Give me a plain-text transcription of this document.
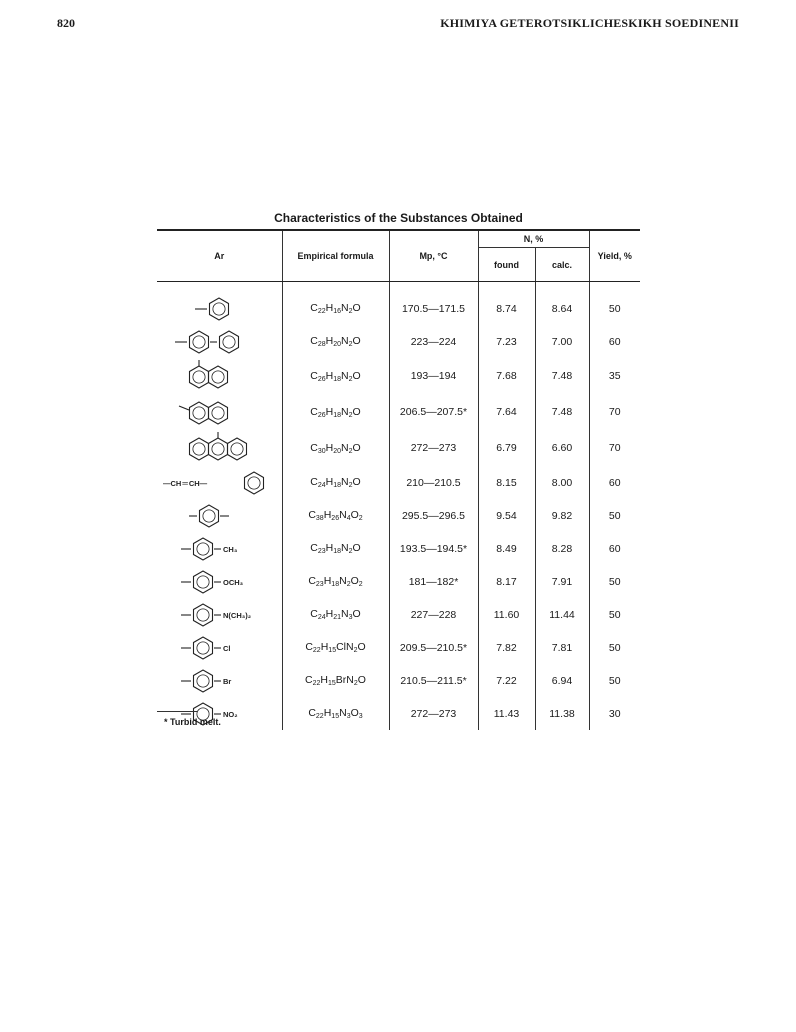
820	KHIMIYA GETEROTSIKLICHESKIKH SOEDINENII
Characteristics of the Substances Obtained
Ar	Empirical formula	Mp, °C	N, %		Yield, %
			found	calc.	

	$C_{22}H_{16}N_2O$	170.5—171.5	8.74	8.64	50

	$C_{28}H_{20}N_2O$	223—224	7.23	7.00	60

	$C_{26}H_{18}N_2O$	193—194	7.68	7.48	35

	$C_{26}H_{18}N_2O$	206.5—207.5*	7.64	7.48	70

	$C_{30}H_{20}N_2O$	272—273	6.79	6.60	70

—CH＝CH—	$C_{24}H_{18}N_2O$	210—210.5	8.15	8.00	60

	$C_{38}H_{26}N_4O_2$	295.5—296.5	9.54	9.82	50

CH₃	$C_{23}H_{18}N_2O$	193.5—194.5*	8.49	8.28	60

OCH₃	$C_{23}H_{18}N_2O_2$	181—182*	8.17	7.91	50

N(CH₃)₂	$C_{24}H_{21}N_3O$	227—228	11.60	11.44	50

Cl	$C_{22}H_{15}ClN_2O$	209.5—210.5*	7.82	7.81	50

Br	$C_{22}H_{15}BrN_2O$	210.5—211.5*	7.22	6.94	50

NO₂	$C_{22}H_{15}N_3O_3$	272—273	11.43	11.38	30
* Turbid melt.
